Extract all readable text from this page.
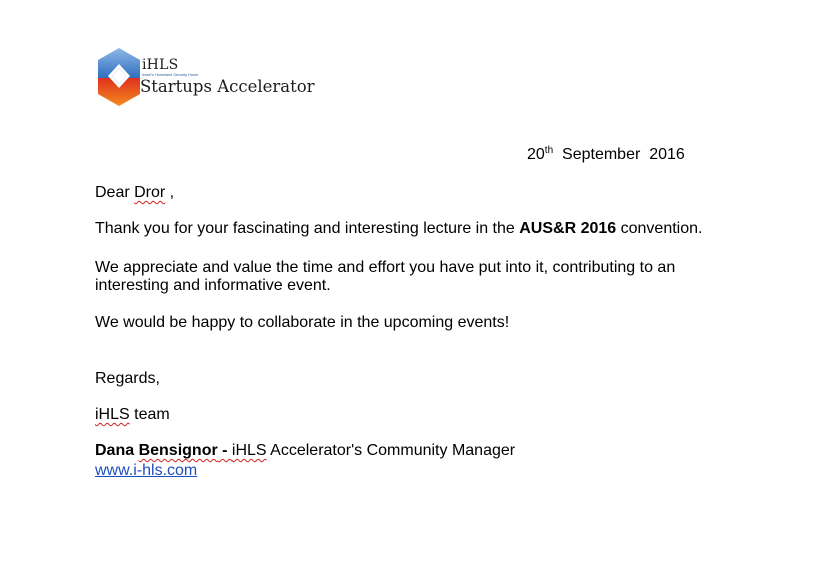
iHLS
Israel's Homeland Security Home
Startups Accelerator
20th  September  2016
Dear Dror ,
Thank you for your fascinating and interesting lecture in the AUS&R 2016 convention.
We appreciate and value the time and effort you have put into it, contributing to an
interesting and informative event.
We would be happy to collaborate in the upcoming events!
Regards,
iHLS team
Dana Bensignor - iHLS Accelerator's Community Manager
www.i-hls.com
